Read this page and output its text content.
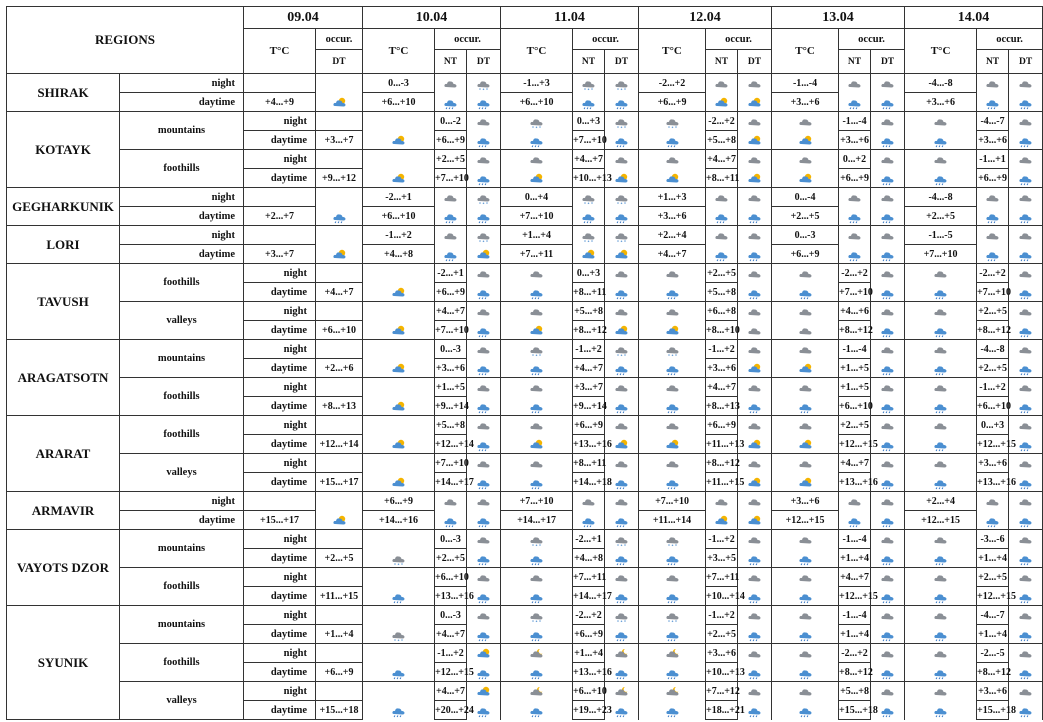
REGIONS		09.04		10.04			11.04			12.04			13.04			14.04			
		T°C	occur.	T°C	occur.		T°C	occur.		T°C	occur.		T°C	occur.		T°C	occur.		
			DT		NT	DT		NT	DT		NT	DT		NT	DT		NT	DT	
SHIRAK	night			0...-3			-1...+3			-2...+2			-1...-4			-4...-8		
	daytime	+4...+9		+6...+10			+6...+10			+6...+9			+3...+6			+3...+6		
KOTAYK	mountains	night			0...-2			0...+3			-2...+2			-1...-4			-4...-7		
		daytime	+3...+7		+6...+9			+7...+10			+5...+8			+3...+6			+3...+6		
	foothills	night			+2...+5			+4...+7			+4...+7			0...+2			-1...+1		
		daytime	+9...+12		+7...+10			+10...+13			+8...+11			+6...+9			+6...+9		
GEGHARKUNIK	night			-2...+1			0...+4			+1...+3			0...-4			-4...-8		
	daytime	+2...+7		+6...+10			+7...+10			+3...+6			+2...+5			+2...+5		
LORI	night			-1...+2			+1...+4			+2...+4			0...-3			-1...-5		
	daytime	+3...+7		+4...+8			+7...+11			+4...+7			+6...+9			+7...+10		
TAVUSH	foothills	night			-2...+1			0...+3			+2...+5			-2...+2			-2...+2		
		daytime	+4...+7		+6...+9			+8...+11			+5...+8			+7...+10			+7...+10		
	valleys	night			+4...+7			+5...+8			+6...+8			+4...+6			+2...+5		
		daytime	+6...+10		+7...+10			+8...+12			+8...+10			+8...+12			+8...+12		
ARAGATSOTN	mountains	night			0...-3			-1...+2			-1...+2			-1...-4			-4...-8		
		daytime	+2...+6		+3...+6			+4...+7			+3...+6			+1...+5			+2...+5		
	foothills	night			+1...+5			+3...+7			+4...+7			+1...+5			-1...+2		
		daytime	+8...+13		+9...+14			+9...+14			+8...+13			+6...+10			+6...+10		
ARARAT	foothills	night			+5...+8			+6...+9			+6...+9			+2...+5			0...+3		
		daytime	+12...+14		+12...+14			+13...+16			+11...+13			+12...+15			+12...+15		
	valleys	night			+7...+10			+8...+11			+8...+12			+4...+7			+3...+6		
		daytime	+15...+17		+14...+17			+14...+18			+11...+15			+13...+16			+13...+16		
ARMAVIR	night			+6...+9			+7...+10			+7...+10			+3...+6			+2...+4		
	daytime	+15...+17		+14...+16			+14...+17			+11...+14			+12...+15			+12...+15		
VAYOTS DZOR	mountains	night			0...-3			-2...+1			-1...+2			-1...-4			-3...-6		
		daytime	+2...+5		+2...+5			+4...+8			+3...+5			+1...+4			+1...+4		
	foothills	night			+6...+10			+7...+11			+7...+11			+4...+7			+2...+5		
		daytime	+11...+15		+13...+16			+14...+17			+10...+14			+12...+15			+12...+15		
SYUNIK	mountains	night			0...-3			-2...+2			-1...+2			-1...-4			-4...-7		
		daytime	+1...+4		+4...+7			+6...+9			+2...+5			+1...+4			+1...+4		
	foothills	night			-1...+2			+1...+4			+3...+6			-2...+2			-2...-5		
		daytime	+6...+9		+12...+15			+13...+16			+10...+13			+8...+12			+8...+12		
	valleys	night			+4...+7			+6...+10			+7...+12			+5...+8			+3...+6		
		daytime	+15...+18		+20...+24			+19...+23			+18...+21			+15...+18			+15...+18		
